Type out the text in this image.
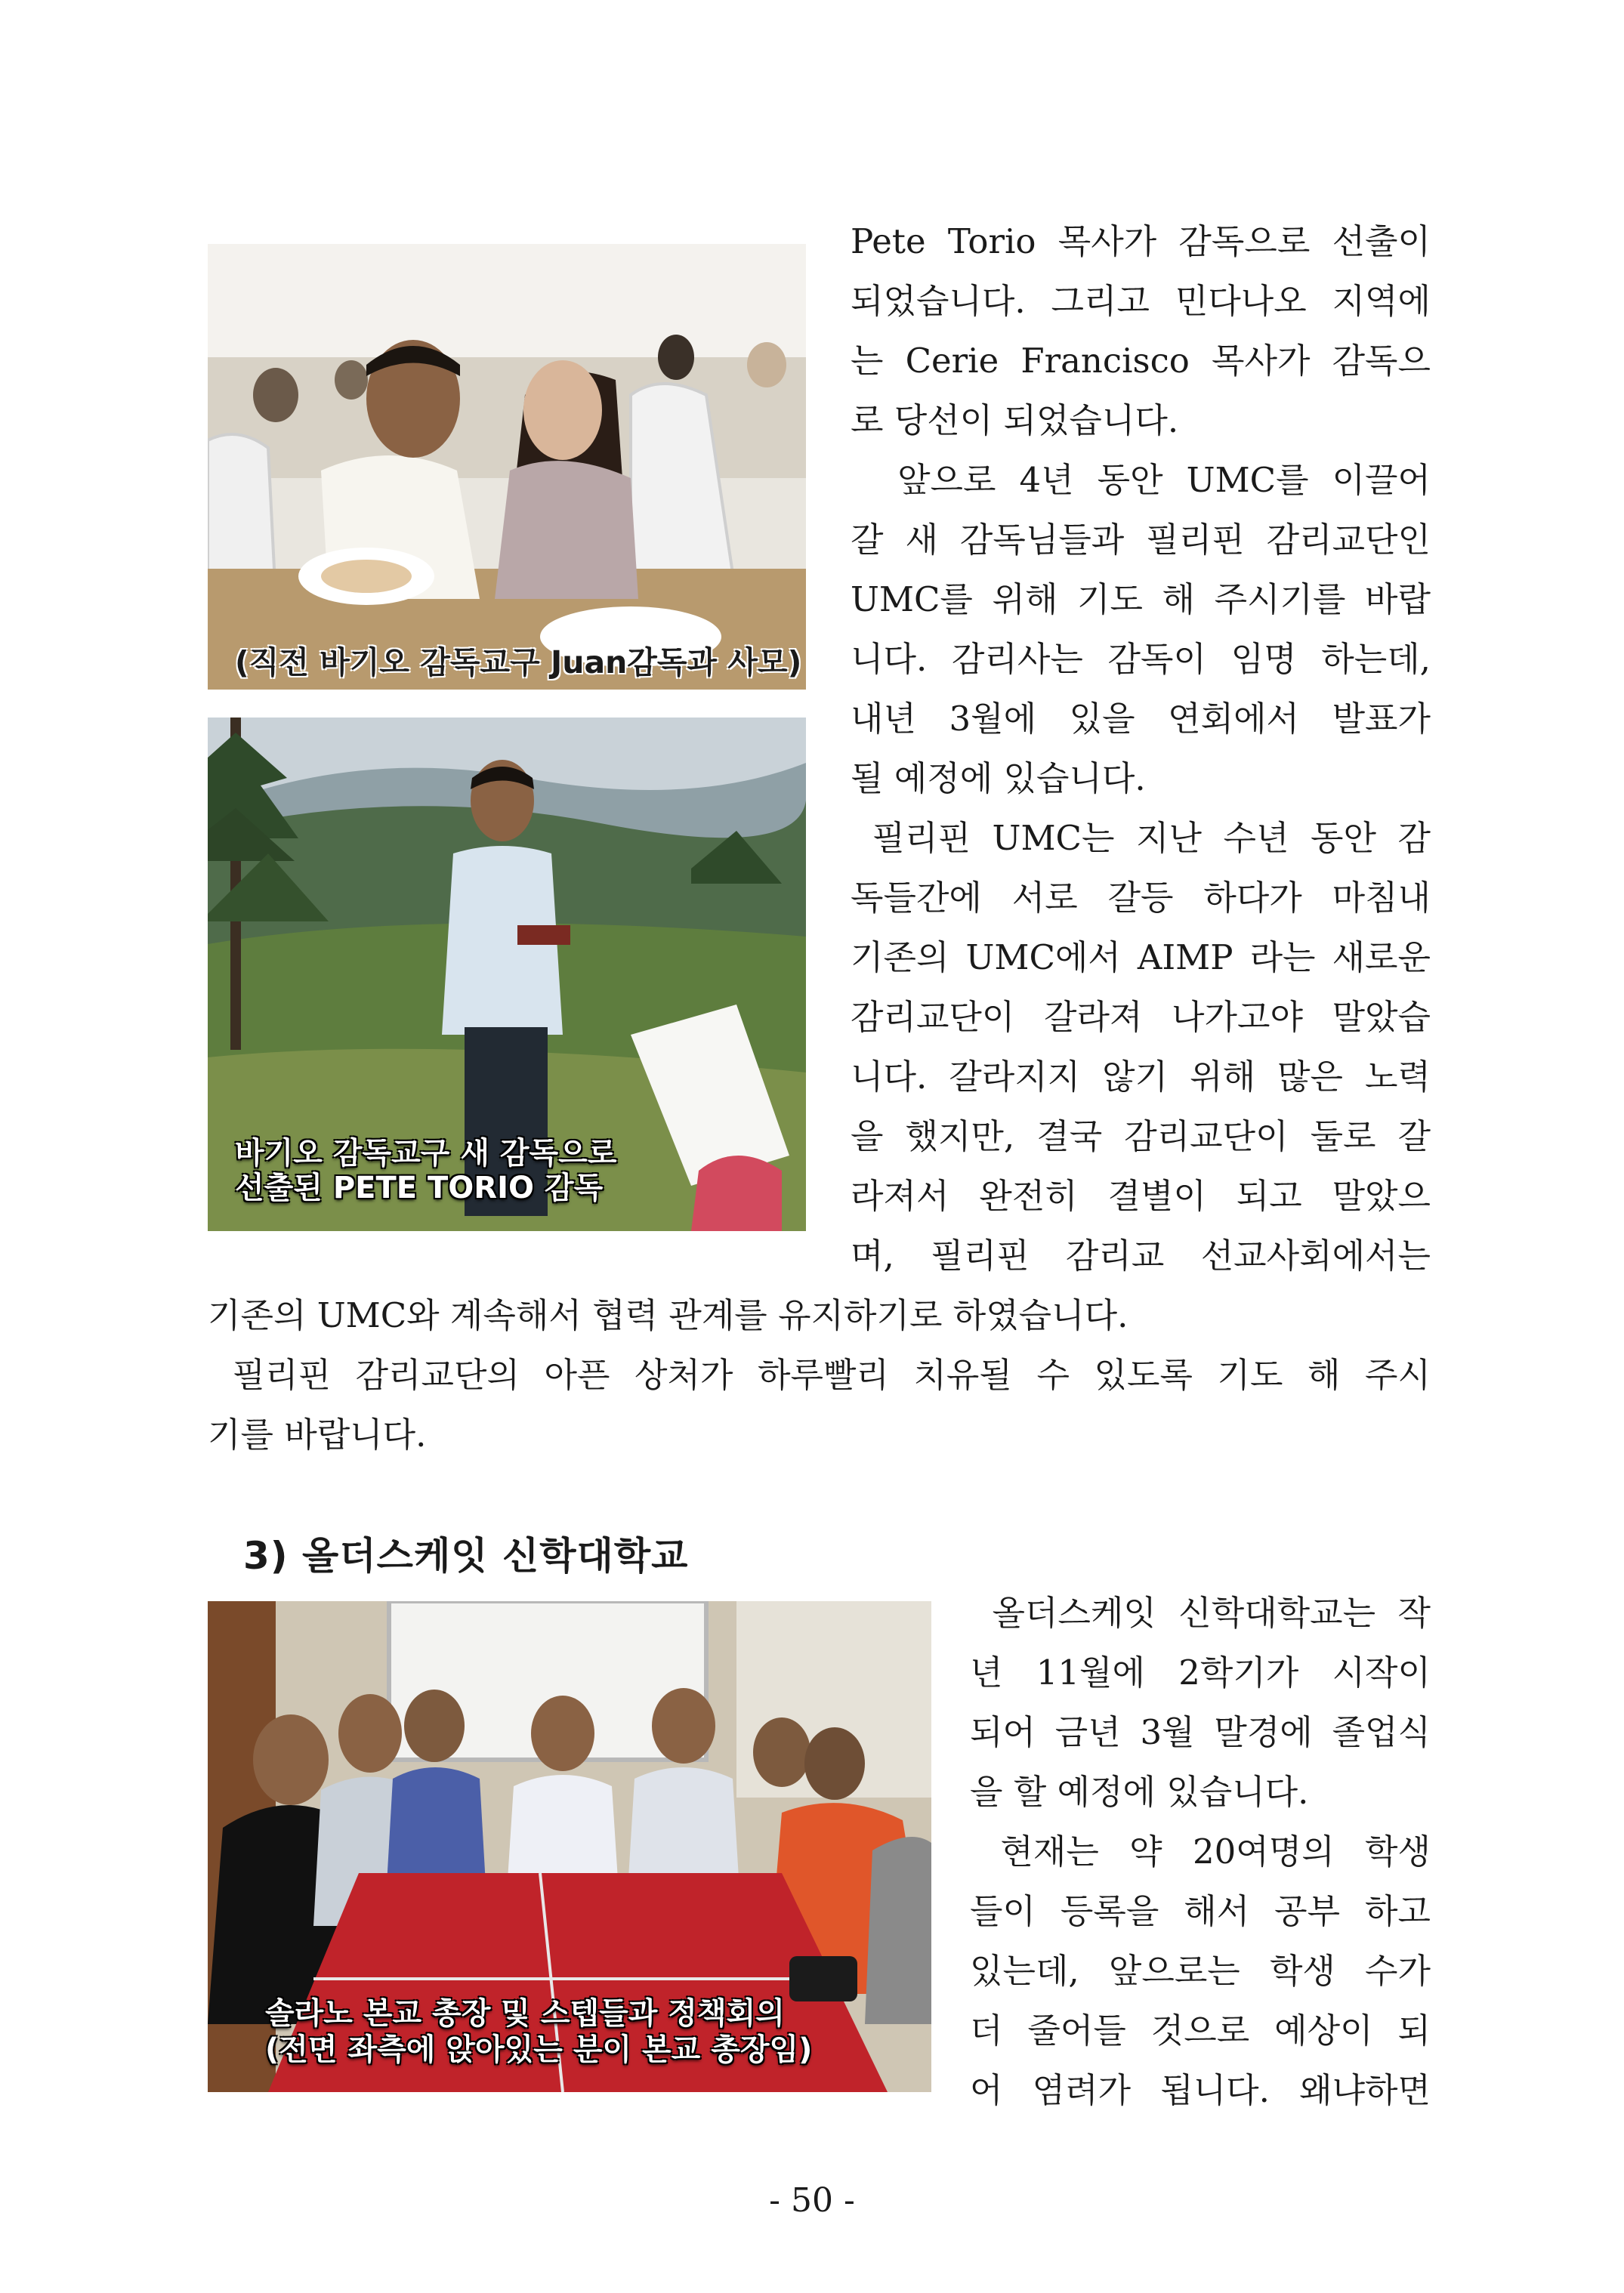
(직전 바기오 감독교구 Juan감독과 사모)
바기오 감독교구 새 감독으로
선출된 PETE TORIO 감독
Pete Torio 목사가 감독으로 선출이
되었습니다. 그리고 민다나오 지역에
는 Cerie Francisco 목사가 감독으
로 당선이 되었습니다.
앞으로 4년 동안 UMC를 이끌어
갈 새 감독님들과 필리핀 감리교단인
UMC를 위해 기도 해 주시기를 바랍
니다. 감리사는 감독이 임명 하는데,
내년 3월에 있을 연회에서 발표가
될 예정에 있습니다.
필리핀 UMC는 지난 수년 동안 감
독들간에 서로 갈등 하다가 마침내
기존의 UMC에서 AIMP 라는 새로운
감리교단이 갈라져 나가고야 말았습
니다. 갈라지지 않기 위해 많은 노력
을 했지만, 결국 감리교단이 둘로 갈
라져서 완전히 결별이 되고 말았으
며, 필리핀 감리교 선교사회에서는
기존의 UMC와 계속해서 협력 관계를 유지하기로 하였습니다.
필리핀 감리교단의 아픈 상처가 하루빨리 치유될 수 있도록 기도 해 주시
기를 바랍니다.
3) 올더스케잇 신학대학교
솔라노 본교 총장 및 스텝들과 정책회의
(전면 좌측에 앉아있는 분이 본교 총장임)
올더스케잇 신학대학교는 작
년 11월에 2학기가 시작이
되어 금년 3월 말경에 졸업식
을 할 예정에 있습니다.
현재는 약 20여명의 학생
들이 등록을 해서 공부 하고
있는데, 앞으로는 학생 수가
더 줄어들 것으로 예상이 되
어 염려가 됩니다. 왜냐하면
- 50 -
